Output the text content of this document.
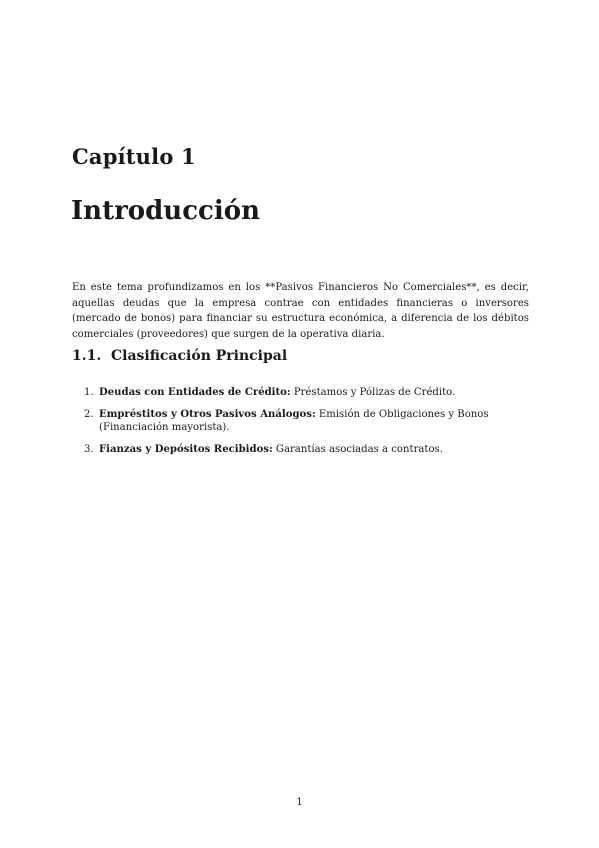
Capítulo 1
Introducción

En este tema profundizamos en los **Pasivos Financieros No Comerciales**, es decir, aquellas deudas que la empresa contrae con entidades financieras o inversores (mercado de bonos) para financiar su estructura económica, a diferencia de los débitos comerciales (proveedores) que surgen de la operativa diaria.

1.1. Clasificación Principal
1. Deudas con Entidades de Crédito: Préstamos y Pólizas de Crédito.
2. Empréstitos y Otros Pasivos Análogos: Emisión de Obligaciones y Bonos (Financiación mayorista).
3. Fianzas y Depósitos Recibidos: Garantías asociadas a contratos.
1
